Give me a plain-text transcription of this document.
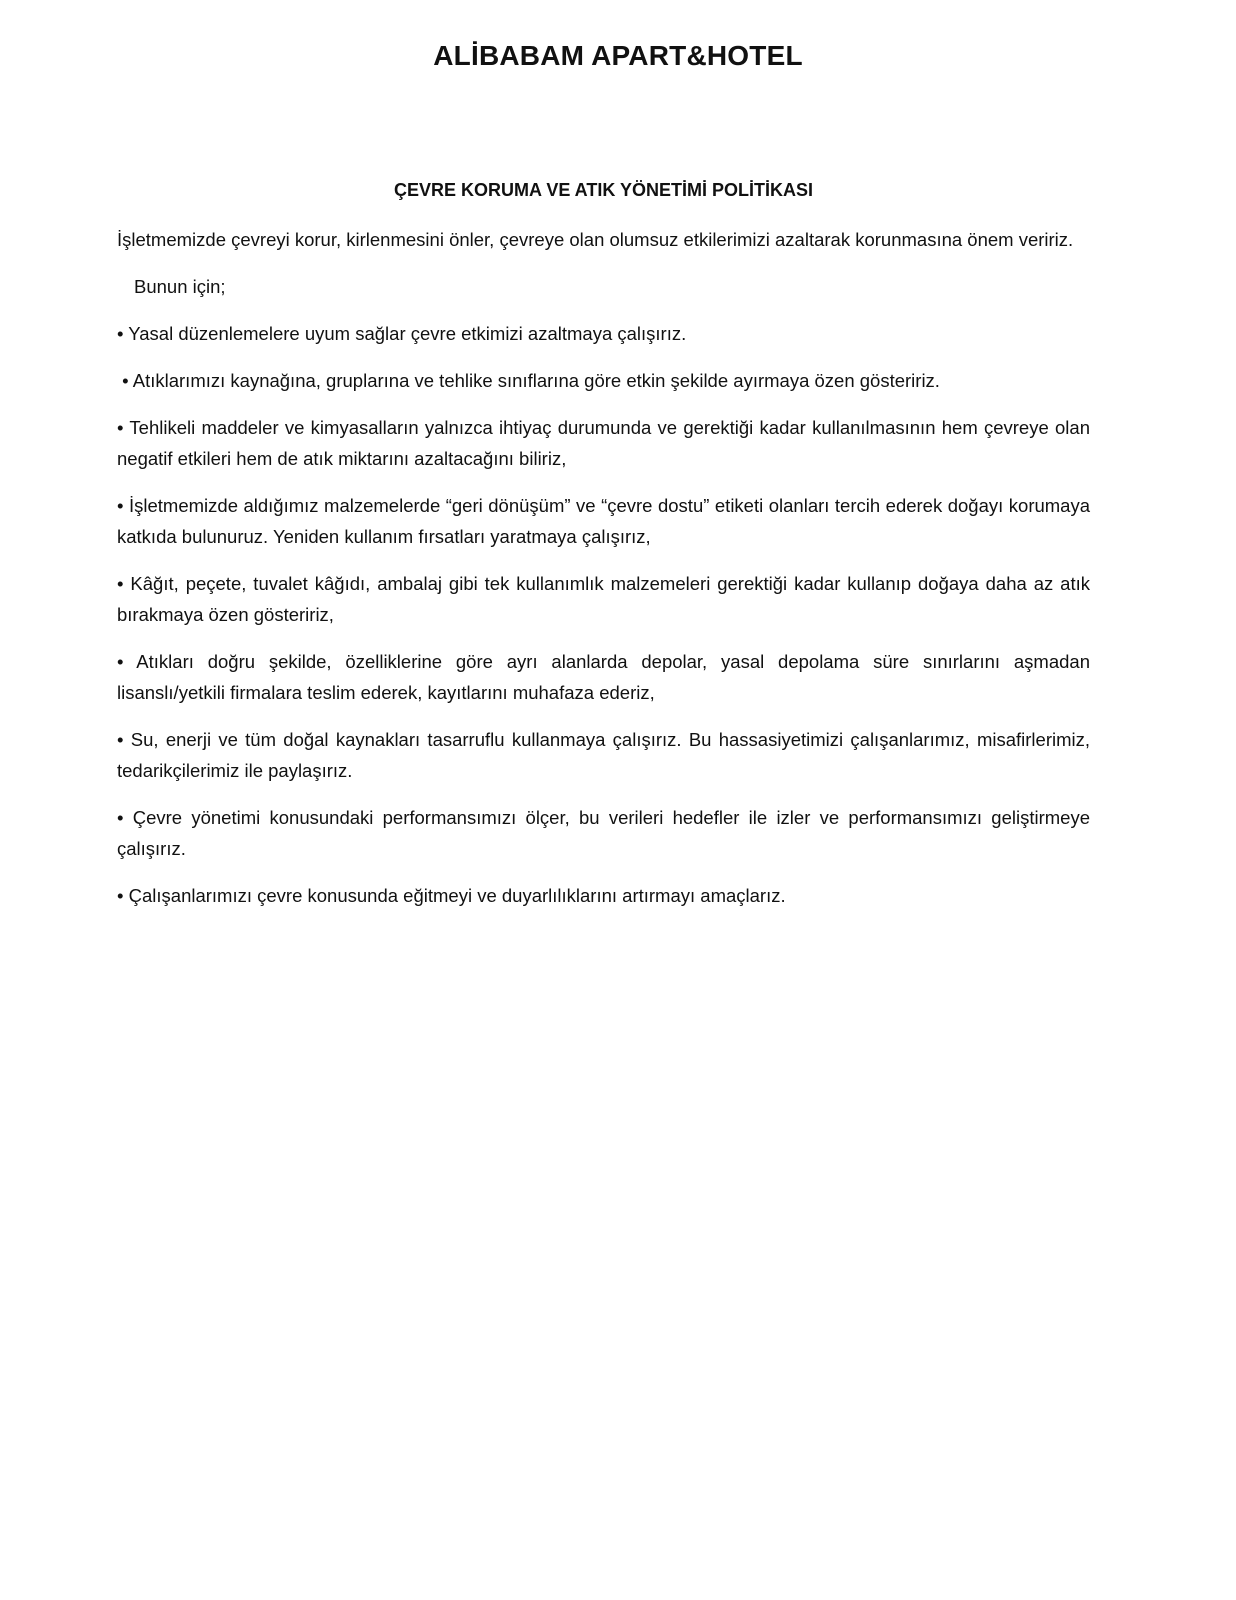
ALİBABAM APART&HOTEL
ÇEVRE KORUMA VE ATIK YÖNETİMİ POLİTİKASI

İşletmemizde çevreyi korur, kirlenmesini önler, çevreye olan olumsuz etkilerimizi azaltarak korunmasına önem veririz.

Bunun için;

• Yasal düzenlemelere uyum sağlar çevre etkimizi azaltmaya çalışırız.

• Atıklarımızı kaynağına, gruplarına ve tehlike sınıflarına göre etkin şekilde ayırmaya özen gösteririz.

• Tehlikeli maddeler ve kimyasalların yalnızca ihtiyaç durumunda ve gerektiği kadar kullanılmasının hem çevreye olan negatif etkileri hem de atık miktarını azaltacağını biliriz,

• İşletmemizde aldığımız malzemelerde “geri dönüşüm” ve “çevre dostu” etiketi olanları tercih ederek doğayı korumaya katkıda bulunuruz. Yeniden kullanım fırsatları yaratmaya çalışırız,

• Kâğıt, peçete, tuvalet kâğıdı, ambalaj gibi tek kullanımlık malzemeleri gerektiği kadar kullanıp doğaya daha az atık bırakmaya özen gösteririz,

• Atıkları doğru şekilde, özelliklerine göre ayrı alanlarda depolar, yasal depolama süre sınırlarını aşmadan lisanslı/yetkili firmalara teslim ederek, kayıtlarını muhafaza ederiz,

• Su, enerji ve tüm doğal kaynakları tasarruflu kullanmaya çalışırız. Bu hassasiyetimizi çalışanlarımız, misafirlerimiz, tedarikçilerimiz ile paylaşırız.

• Çevre yönetimi konusundaki performansımızı ölçer, bu verileri hedefler ile izler ve performansımızı geliştirmeye çalışırız.

• Çalışanlarımızı çevre konusunda eğitmeyi ve duyarlılıklarını artırmayı amaçlarız.
